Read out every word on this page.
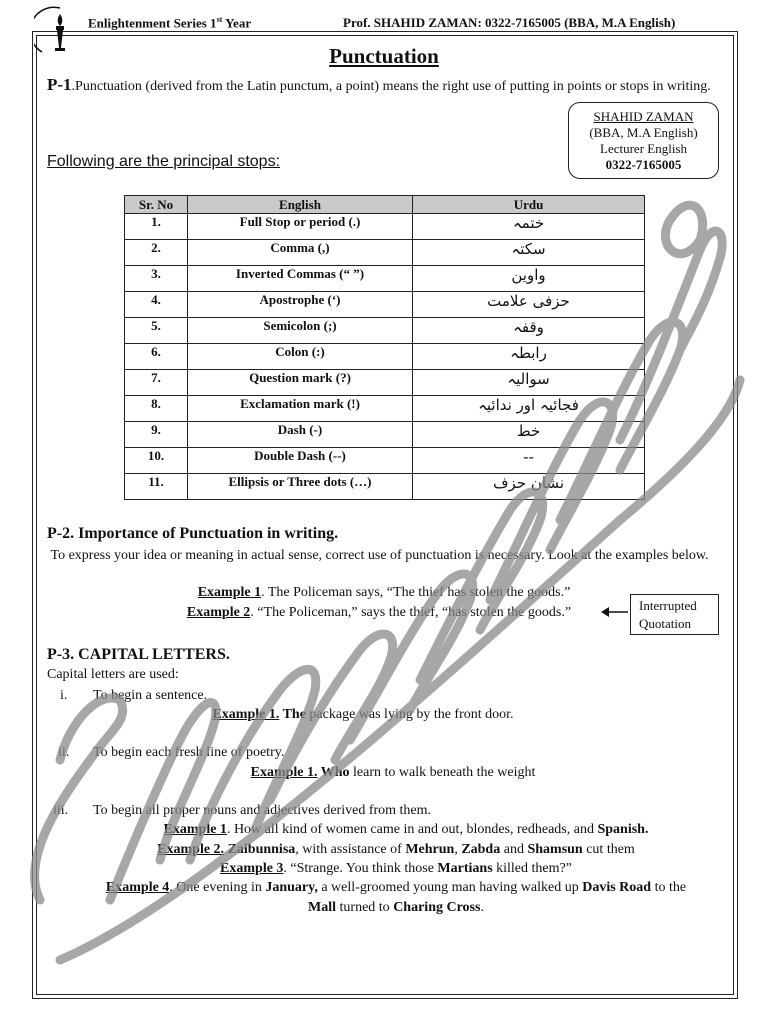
Enlightenment Series 1st Year	Prof. SHAHID ZAMAN: 0322-7165005 (BBA, M.A English)
Punctuation
P-1.Punctuation (derived from the Latin punctum, a point) means the right use of putting in points or stops in writing.
SHAHID ZAMAN
(BBA, M.A English)
Lecturer English
0322-7165005
Following are the principal stops:
Sr. No	English	Urdu
1.	Full Stop or period (.)	ختمہ
2.	Comma (,)	سکتہ
3.	Inverted Commas (“ ”)	واوین
4.	Apostrophe (‘)	حزفی علامت
5.	Semicolon (;)	وقفہ
6.	Colon (:)	رابطہ
7.	Question mark (?)	سوالیہ
8.	Exclamation mark (!)	فجائیہ اور ندائیہ
9.	Dash (-)	خط
10.	Double Dash (--)	--
11.	Ellipsis or Three dots (…)	نشان حزف
P-2. Importance of Punctuation in writing.
To express your idea or meaning in actual sense, correct use of punctuation is necessary. Look at the examples below.
Example 1. The Policeman says, “The thief has stolen the goods.”
Example 2. “The Policeman,” says the thief, “has stolen the goods.”	Interrupted
Quotation
P-3. CAPITAL LETTERS.
Capital letters are used:
i. To begin a sentence.
Example 1. The package was lying by the front door.
ii. To begin each fresh line of poetry.
Example 1. Who learn to walk beneath the weight
iii. To begin all proper nouns and adjectives derived from them.
Example 1. How all kind of women came in and out, blondes, redheads, and Spanish.
Example 2. Zaibunnisa, with assistance of Mehrun, Zabda and Shamsun cut them
Example 3. “Strange. You think those Martians killed them?”
Example 4. One evening in January, a well-groomed young man having walked up Davis Road to the
Mall turned to Charing Cross.
